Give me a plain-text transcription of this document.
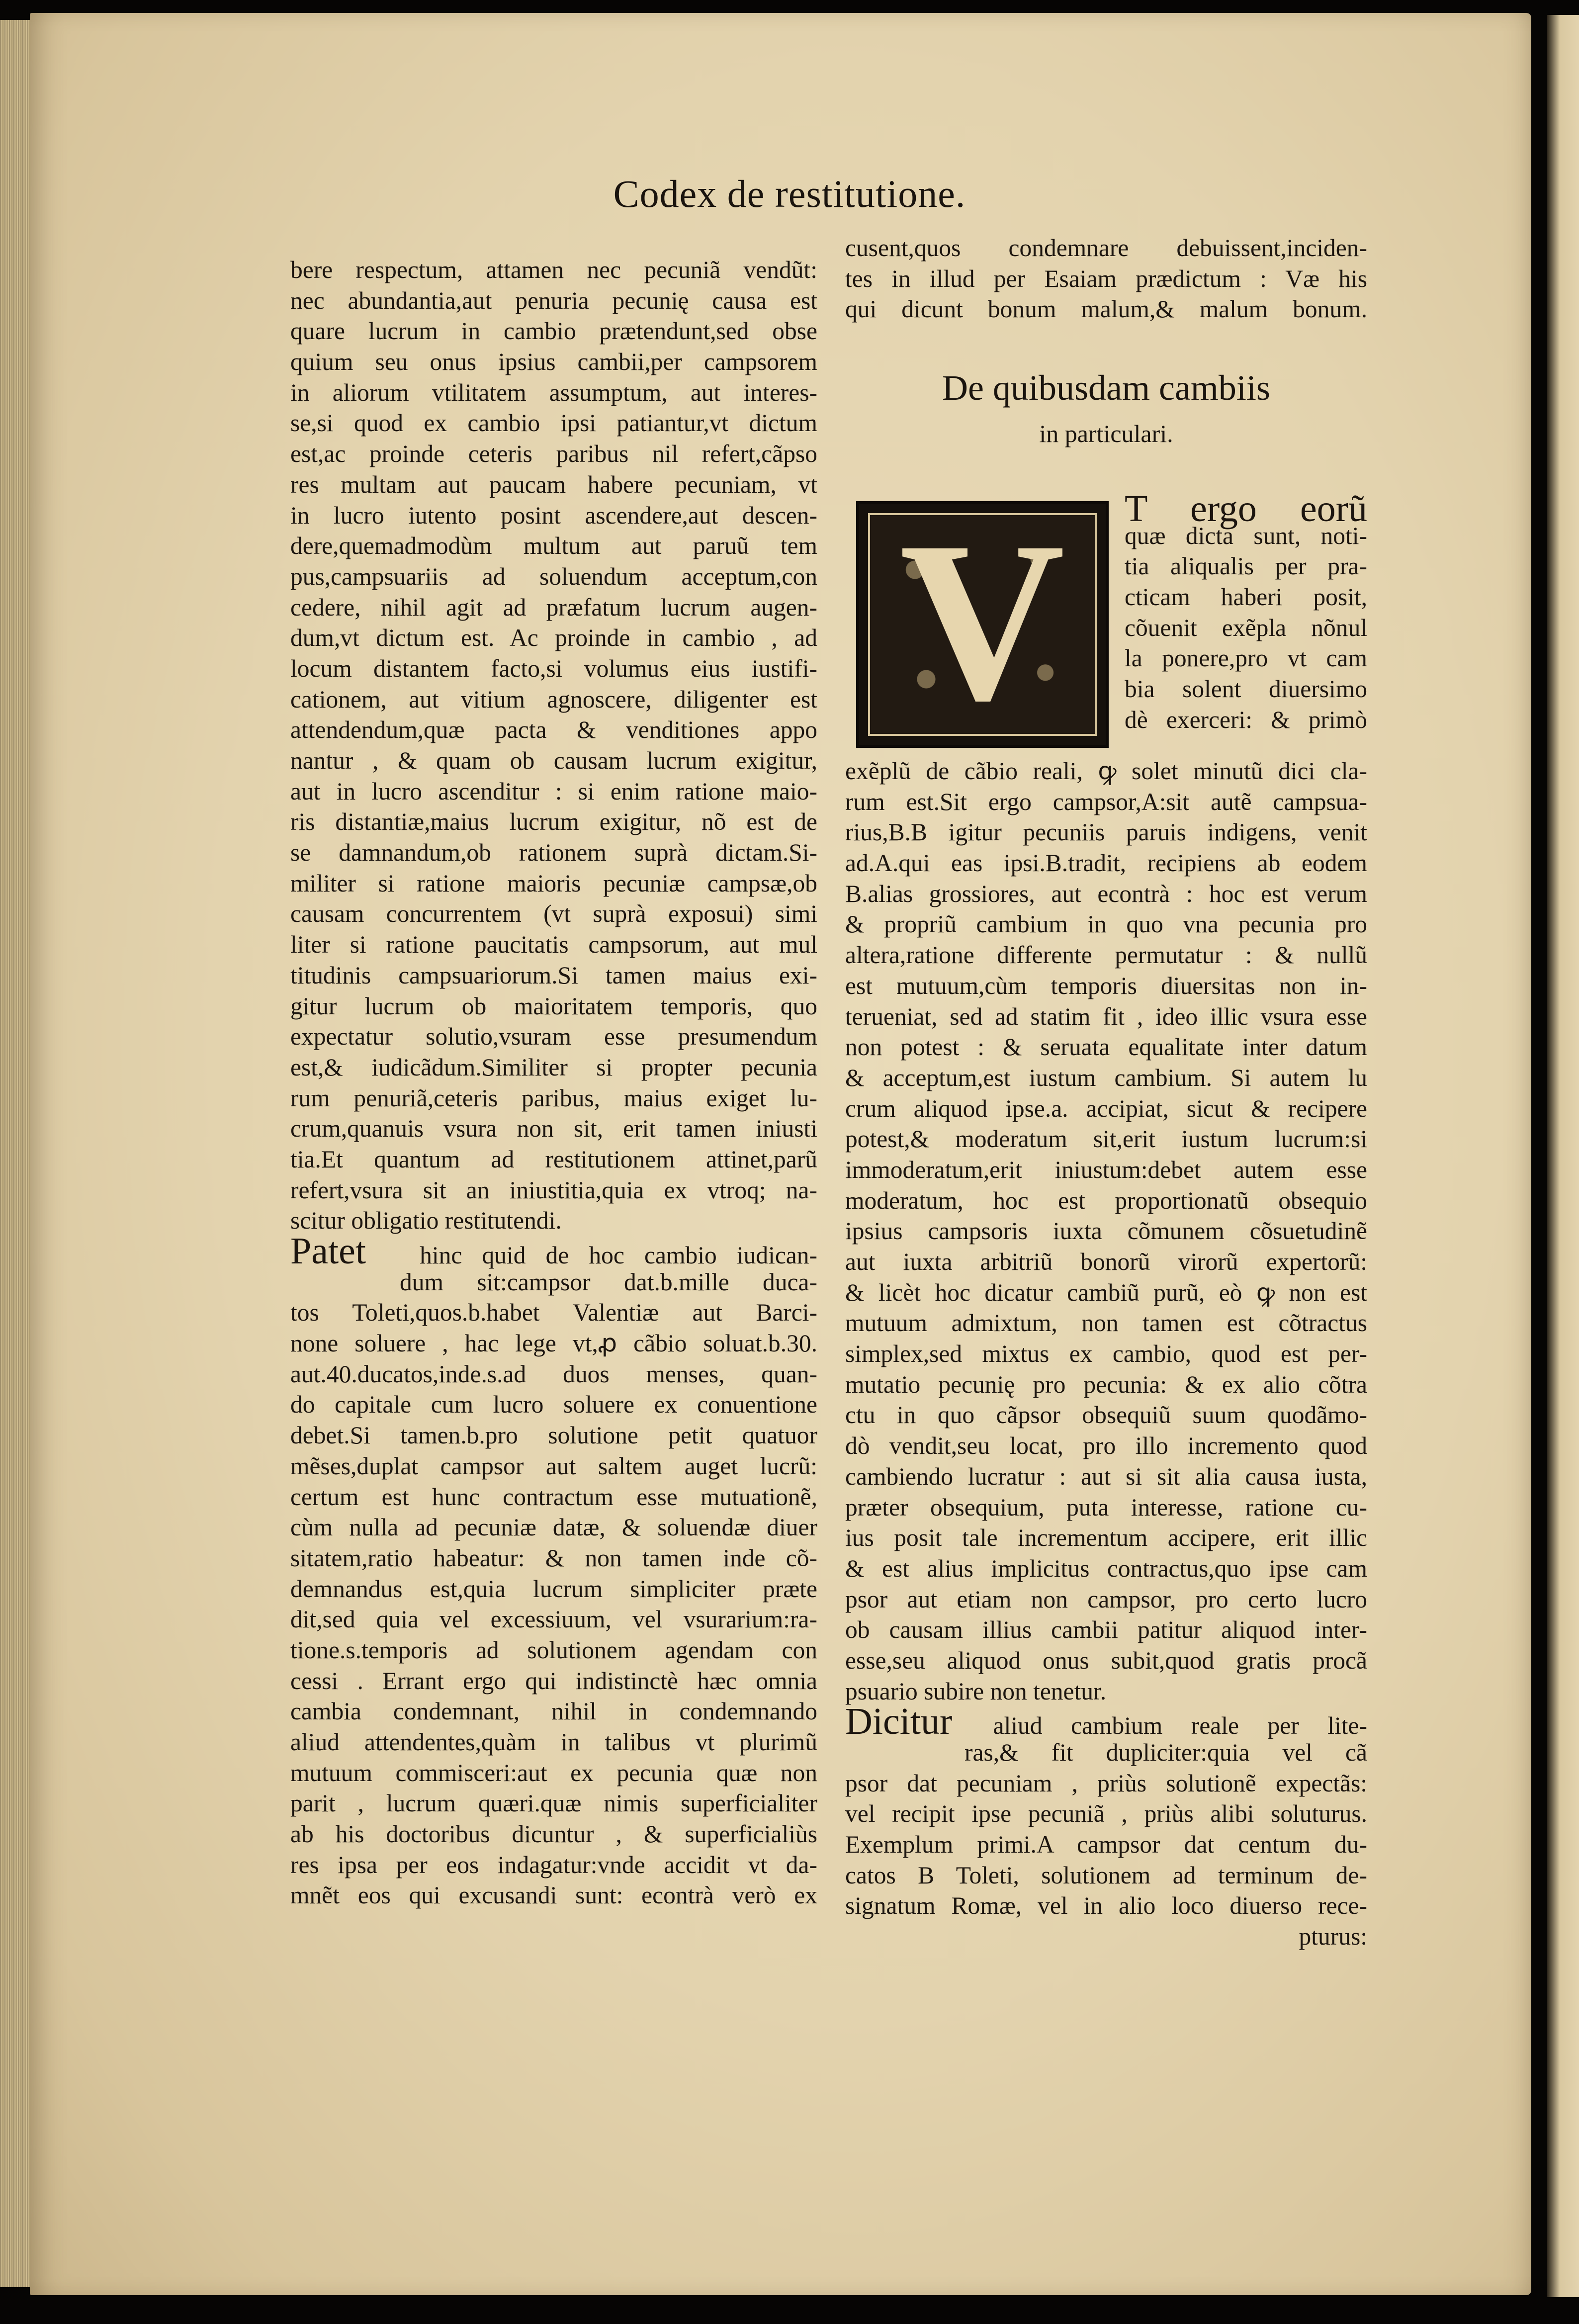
Codex de restitutione.
bere respectum, attamen nec pecuniã vendũt:
nec abundantia,aut penuria pecunię causa est
quare lucrum in cambio prætendunt,sed obse
quium seu onus ipsius cambii,per campsorem
in aliorum vtilitatem assumptum, aut interes-
se,si quod ex cambio ipsi patiantur,vt dictum
est,ac proinde ceteris paribus nil refert,cãpso
res multam aut paucam habere pecuniam, vt
in lucro iutento posint ascendere,aut descen-
dere,quemadmodùm multum aut paruũ tem
pus,campsuariis ad soluendum acceptum,con
cedere, nihil agit ad præfatum lucrum augen-
dum,vt dictum est. Ac proinde in cambio , ad
locum distantem facto,si volumus eius iustifi-
cationem, aut vitium agnoscere, diligenter est
attendendum,quæ pacta & venditiones appo
nantur , & quam ob causam lucrum exigitur,
aut in lucro ascenditur : si enim ratione maio-
ris distantiæ,maius lucrum exigitur, nõ est de
se damnandum,ob rationem suprà dictam.Si-
militer si ratione maioris pecuniæ campsæ,ob
causam concurrentem (vt suprà exposui) simi
liter si ratione paucitatis campsorum, aut mul
titudinis campsuariorum.Si tamen maius exi-
gitur lucrum ob maioritatem temporis, quo
expectatur solutio,vsuram esse presumendum
est,& iudicãdum.Similiter si propter pecunia
rum penuriã,ceteris paribus, maius exiget lu-
crum,quanuis vsura non sit, erit tamen iniusti
tia.Et quantum ad restitutionem attinet,parũ
refert,vsura sit an iniustitia,quia ex vtroq; na-
scitur obligatio restitutendi.
Patet hinc quid de hoc cambio iudican-
dum sit:campsor dat.b.mille duca-
tos Toleti,quos.b.habet Valentiæ aut Barci-
none soluere , hac lege vt,ꝓ cãbio soluat.b.30.
aut.40.ducatos,inde.s.ad duos menses, quan-
do capitale cum lucro soluere ex conuentione
debet.Si tamen.b.pro solutione petit quatuor
mẽses,duplat campsor aut saltem auget lucrũ:
certum est hunc contractum esse mutuationẽ,
cùm nulla ad pecuniæ datæ, & soluendæ diuer
sitatem,ratio habeatur: & non tamen inde cõ-
demnandus est,quia lucrum simpliciter præte
dit,sed quia vel excessiuum, vel vsurarium:ra-
tione.s.temporis ad solutionem agendam con
cessi . Errant ergo qui indistinctè hæc omnia
cambia condemnant, nihil in condemnando
aliud attendentes,quàm in talibus vt plurimũ
mutuum commisceri:aut ex pecunia quæ non
parit , lucrum quæri.quæ nimis superficialiter
ab his doctoribus dicuntur , & superficialiùs
res ipsa per eos indagatur:vnde accidit vt da-
mnẽt eos qui excusandi sunt: econtrà verò ex
cusent,quos condemnare debuissent,inciden-
tes in illud per Esaiam prædictum : Væ his
qui dicunt bonum malum,& malum bonum.
De quibusdam cambiis
in particulari.
V	T ergo eorũ
quæ dicta sunt, noti-
tia aliqualis per pra-
cticam haberi posit,
cõuenit exẽpla nõnul
la ponere,pro vt cam
bia solent diuersimo
dè exerceri: & primò
exẽplũ de cãbio reali, ꝙ solet minutũ dici cla-
rum est.Sit ergo campsor,A:sit autẽ campsua-
rius,B.B igitur pecuniis paruis indigens, venit
ad.A.qui eas ipsi.B.tradit, recipiens ab eodem
B.alias grossiores, aut econtrà : hoc est verum
& propriũ cambium in quo vna pecunia pro
altera,ratione differente permutatur : & nullũ
est mutuum,cùm temporis diuersitas non in-
terueniat, sed ad statim fit , ideo illic vsura esse
non potest : & seruata equalitate inter datum
& acceptum,est iustum cambium. Si autem lu
crum aliquod ipse.a. accipiat, sicut & recipere
potest,& moderatum sit,erit iustum lucrum:si
immoderatum,erit iniustum:debet autem esse
moderatum, hoc est proportionatũ obsequio
ipsius campsoris iuxta cõmunem cõsuetudinẽ
aut iuxta arbitriũ bonorũ virorũ expertorũ:
& licèt hoc dicatur cambiũ purũ, eò ꝙ non est
mutuum admixtum, non tamen est cõtractus
simplex,sed mixtus ex cambio, quod est per-
mutatio pecunię pro pecunia: & ex alio cõtra
ctu in quo cãpsor obsequiũ suum quodãmo-
dò vendit,seu locat, pro illo incremento quod
cambiendo lucratur : aut si sit alia causa iusta,
præter obsequium, puta interesse, ratione cu-
ius posit tale incrementum accipere, erit illic
& est alius implicitus contractus,quo ipse cam
psor aut etiam non campsor, pro certo lucro
ob causam illius cambii patitur aliquod inter-
esse,seu aliquod onus subit,quod gratis procã
psuario subire non tenetur.
Dicitur aliud cambium reale per lite-
ras,& fit dupliciter:quia vel cã
psor dat pecuniam , priùs solutionẽ expectãs:
vel recipit ipse pecuniã , priùs alibi soluturus.
Exemplum primi.A campsor dat centum du-
catos B Toleti, solutionem ad terminum de-
signatum Romæ, vel in alio loco diuerso rece-
pturus:
